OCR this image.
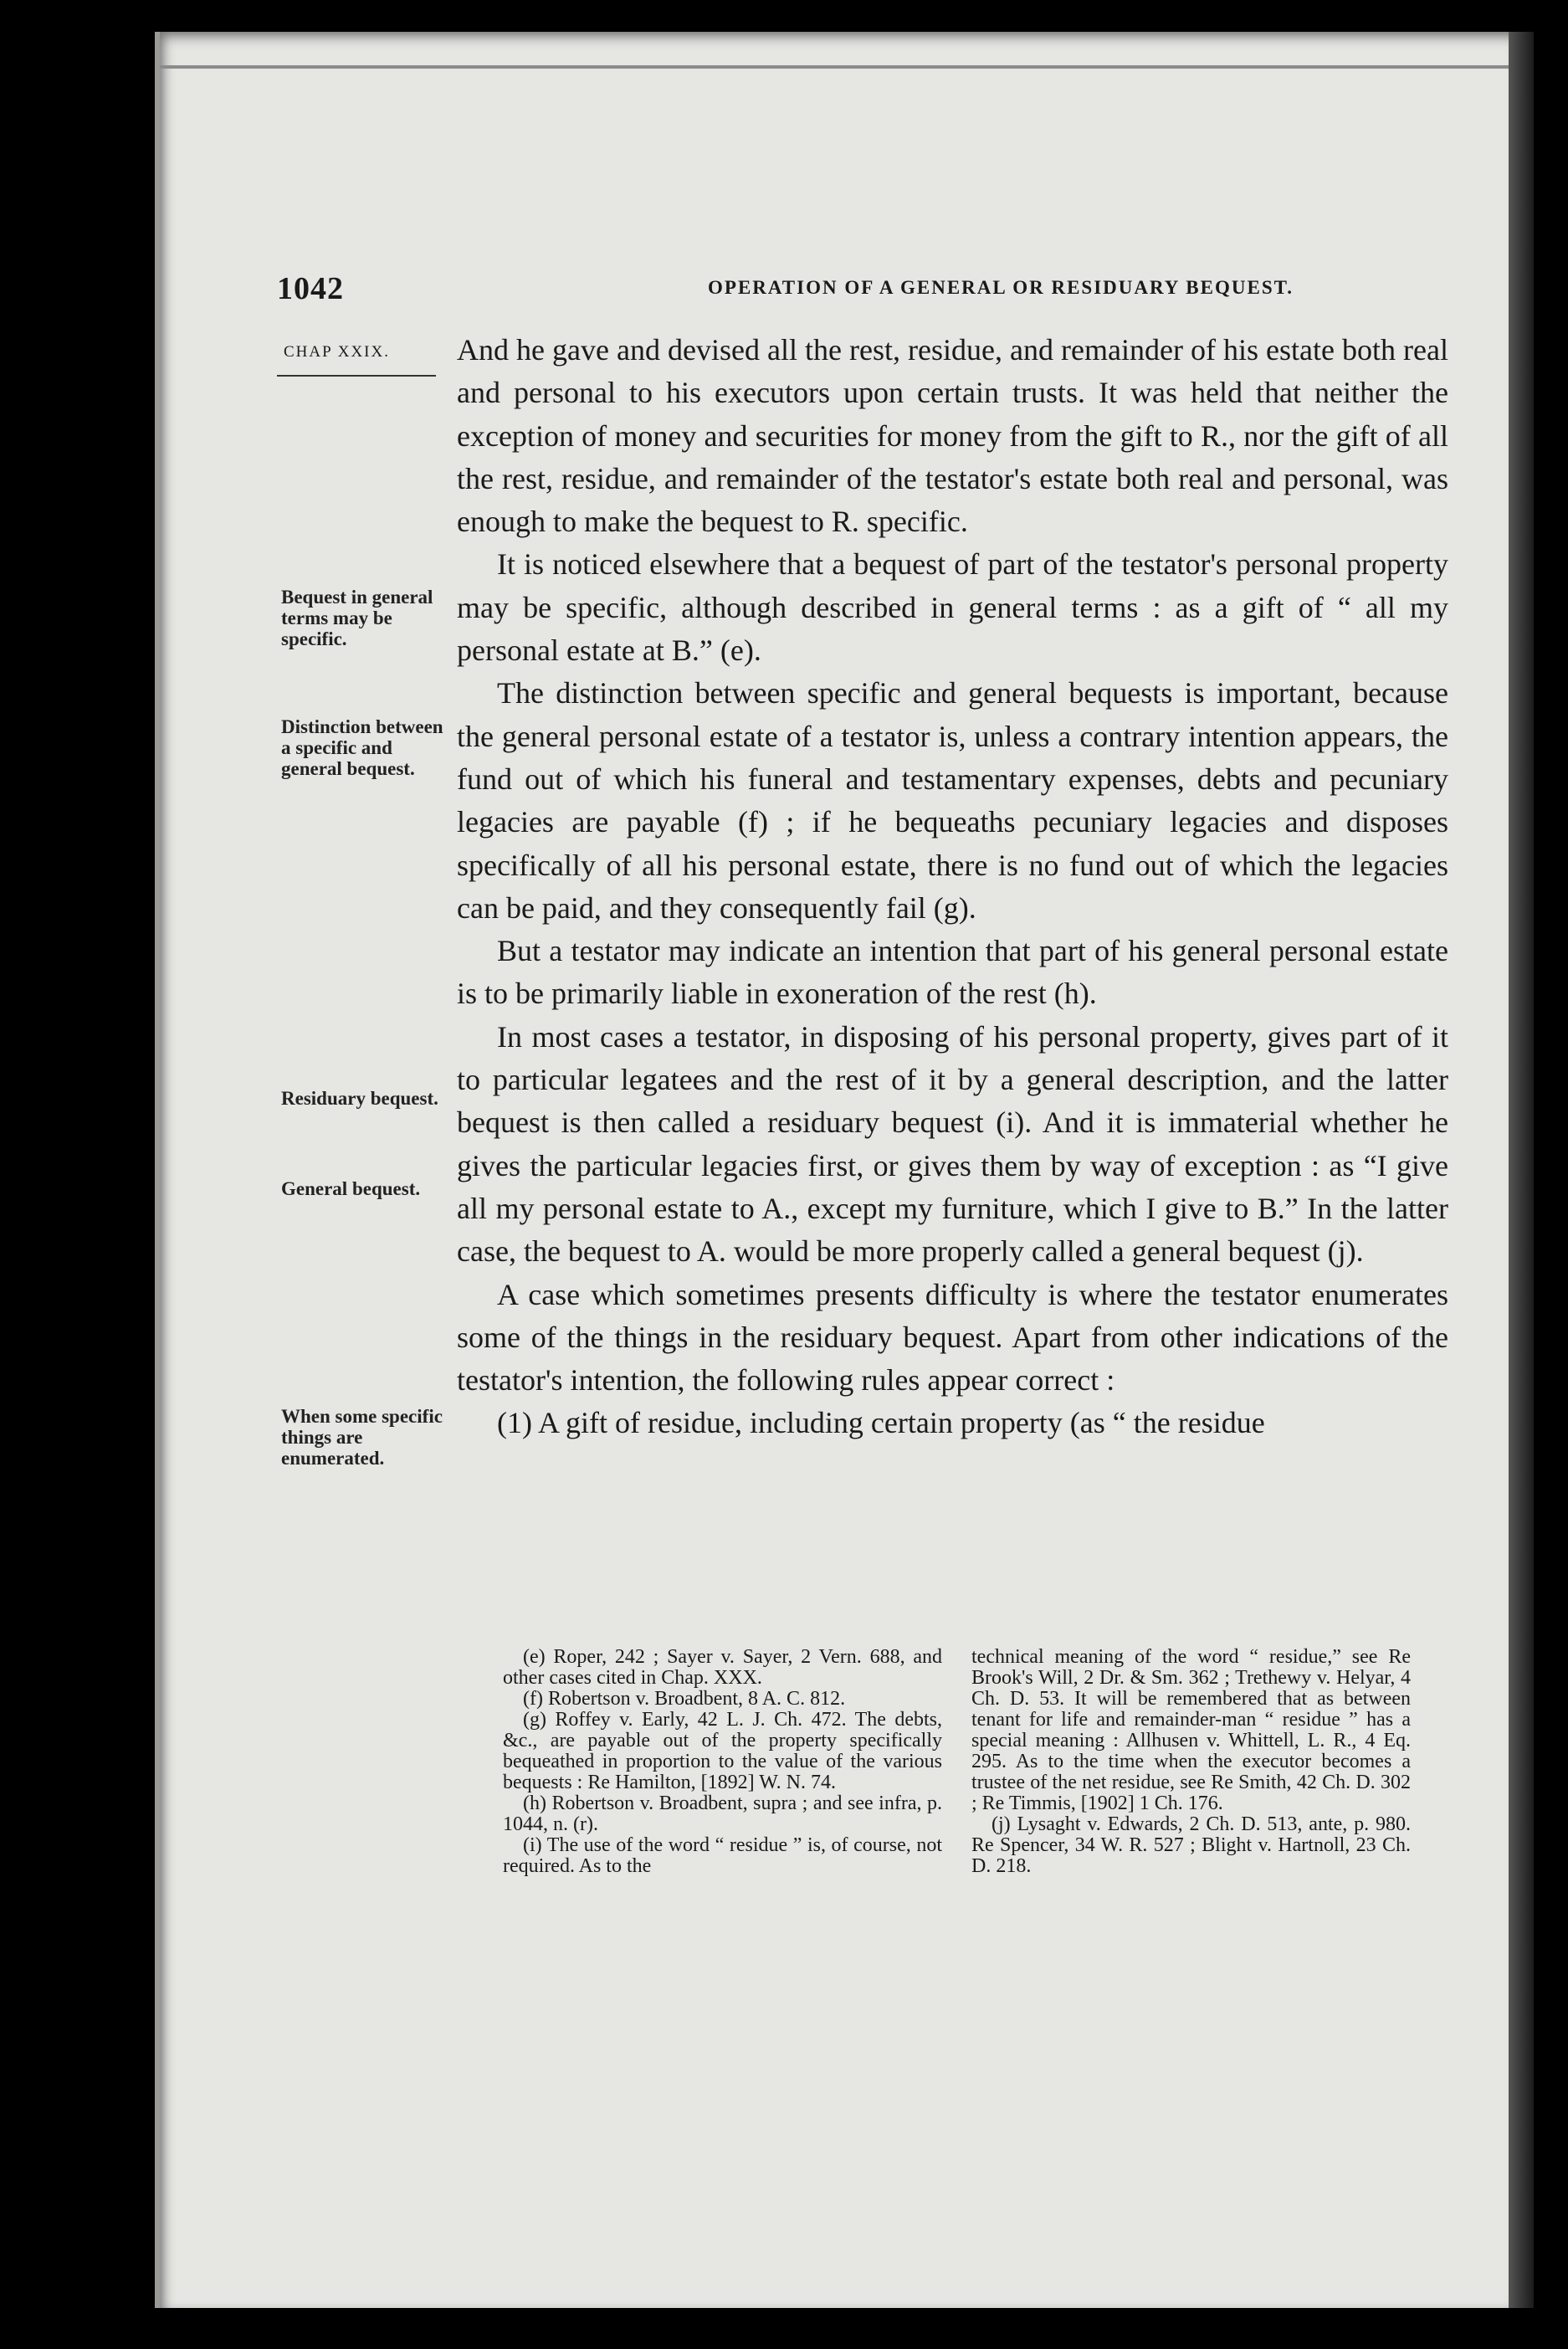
1042	OPERATION OF A GENERAL OR RESIDUARY BEQUEST.
CHAP XXIX.
Bequest in general terms may be specific.
Distinction between a specific and general bequest.
Residuary bequest.
General bequest.
When some specific things are enumerated.

And he gave and devised all the rest, residue, and remainder of his estate both real and personal to his executors upon certain trusts. It was held that neither the exception of money and securities for money from the gift to R., nor the gift of all the rest, residue, and remainder of the testator's estate both real and personal, was enough to make the bequest to R. specific.

It is noticed elsewhere that a bequest of part of the testator's personal property may be specific, although described in general terms : as a gift of “ all my personal estate at B.” (e).

The distinction between specific and general bequests is important, because the general personal estate of a testator is, unless a contrary intention appears, the fund out of which his funeral and testamentary expenses, debts and pecuniary legacies are payable (f) ; if he bequeaths pecuniary legacies and disposes specifically of all his personal estate, there is no fund out of which the legacies can be paid, and they consequently fail (g).

But a testator may indicate an intention that part of his general personal estate is to be primarily liable in exoneration of the rest (h).

In most cases a testator, in disposing of his personal property, gives part of it to particular legatees and the rest of it by a general description, and the latter bequest is then called a residuary bequest (i). And it is immaterial whether he gives the particular legacies first, or gives them by way of exception : as “I give all my personal estate to A., except my furniture, which I give to B.” In the latter case, the bequest to A. would be more properly called a general bequest (j).

A case which sometimes presents difficulty is where the testator enumerates some of the things in the residuary bequest. Apart from other indications of the testator's intention, the following rules appear correct :

(1) A gift of residue, including certain property (as “ the residue

(e) Roper, 242 ; Sayer v. Sayer, 2 Vern. 688, and other cases cited in Chap. XXX.

(f) Robertson v. Broadbent, 8 A. C. 812.

(g) Roffey v. Early, 42 L. J. Ch. 472. The debts, &c., are payable out of the property specifically bequeathed in proportion to the value of the various bequests : Re Hamilton, [1892] W. N. 74.

(h) Robertson v. Broadbent, supra ; and see infra, p. 1044, n. (r).

(i) The use of the word “ residue ” is, of course, not required. As to the

technical meaning of the word “ residue,” see Re Brook's Will, 2 Dr. & Sm. 362 ; Trethewy v. Helyar, 4 Ch. D. 53. It will be remembered that as between tenant for life and remainder-man “ residue ” has a special meaning : Allhusen v. Whittell, L. R., 4 Eq. 295. As to the time when the executor becomes a trustee of the net residue, see Re Smith, 42 Ch. D. 302 ; Re Timmis, [1902] 1 Ch. 176.

(j) Lysaght v. Edwards, 2 Ch. D. 513, ante, p. 980. Re Spencer, 34 W. R. 527 ; Blight v. Hartnoll, 23 Ch. D. 218.
